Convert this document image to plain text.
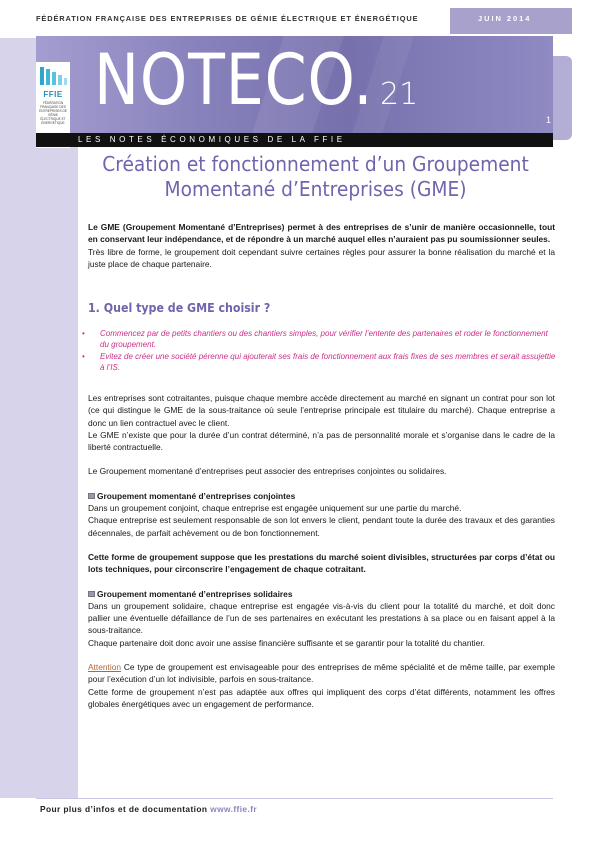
FÉDÉRATION FRANÇAISE DES ENTREPRISES DE GÉNIE ÉLECTRIQUE ET ÉNERGÉTIQUE	JUIN 2014
1
FFIE
FÉDÉRATION FRANÇAISE DES ENTREPRISES DE GÉNIE ÉLECTRIQUE ET ÉNERGÉTIQUE
NOTECO. 21
LES NOTES ÉCONOMIQUES DE LA FFIE
Création et fonctionnement d’un Groupement
Momentané d’Entreprises (GME)

Le GME (Groupement Momentané d’Entreprises) permet à des entreprises de s’unir de manière occasionnelle, tout en conservant leur indépendance, et de répondre à un marché auquel elles n’auraient pas pu soumissionner seules.

Très libre de forme, le groupement doit cependant suivre certaines règles pour assurer la bonne réalisation du marché et la juste place de chaque partenaire.

1. Quel type de GME choisir ?
• Commencez par de petits chantiers ou des chantiers simples, pour vérifier l’entente des partenaires et roder le fonctionnement du groupement.
• Evitez de créer une société pérenne qui ajouterait ses frais de fonctionnement aux frais fixes de ses membres et serait assujettie à l’IS.

Les entreprises sont cotraitantes, puisque chaque membre accède directement au marché en signant un contrat pour son lot (ce qui distingue le GME de la sous-traitance où seule l’entreprise principale est titulaire du marché). Chaque entreprise a donc un lien contractuel avec le client.

Le GME n’existe que pour la durée d’un contrat déterminé, n’a pas de personnalité morale et s’organise dans le cadre de la liberté contractuelle.

Le Groupement momentané d’entreprises peut associer des entreprises conjointes ou solidaires.

Groupement momentané d’entreprises conjointes

Dans un groupement conjoint, chaque entreprise est engagée uniquement sur une partie du marché.

Chaque entreprise est seulement responsable de son lot envers le client, pendant toute la durée des travaux et des garanties décennales, de parfait achèvement ou de bon fonctionnement.

Cette forme de groupement suppose que les prestations du marché soient divisibles, structurées par corps d’état ou lots techniques, pour circonscrire l’engagement de chaque cotraitant.

Groupement momentané d’entreprises solidaires

Dans un groupement solidaire, chaque entreprise est engagée vis-à-vis du client pour la totalité du marché, et doit donc pallier une éventuelle défaillance de l’un de ses partenaires en exécutant les prestations à sa place ou en faisant appel à la sous-traitance.

Chaque partenaire doit donc avoir une assise financière suffisante et se garantir pour la totalité du chantier.

Attention Ce type de groupement est envisageable pour des entreprises de même spécialité et de même taille, par exemple pour l’exécution d’un lot indivisible, parfois en sous-traitance.

Cette forme de groupement n’est pas adaptée aux offres qui impliquent des corps d’état différents, notamment les offres globales énergétiques avec un engagement de performance.

Pour plus d’infos et de documentation www.ffie.fr
